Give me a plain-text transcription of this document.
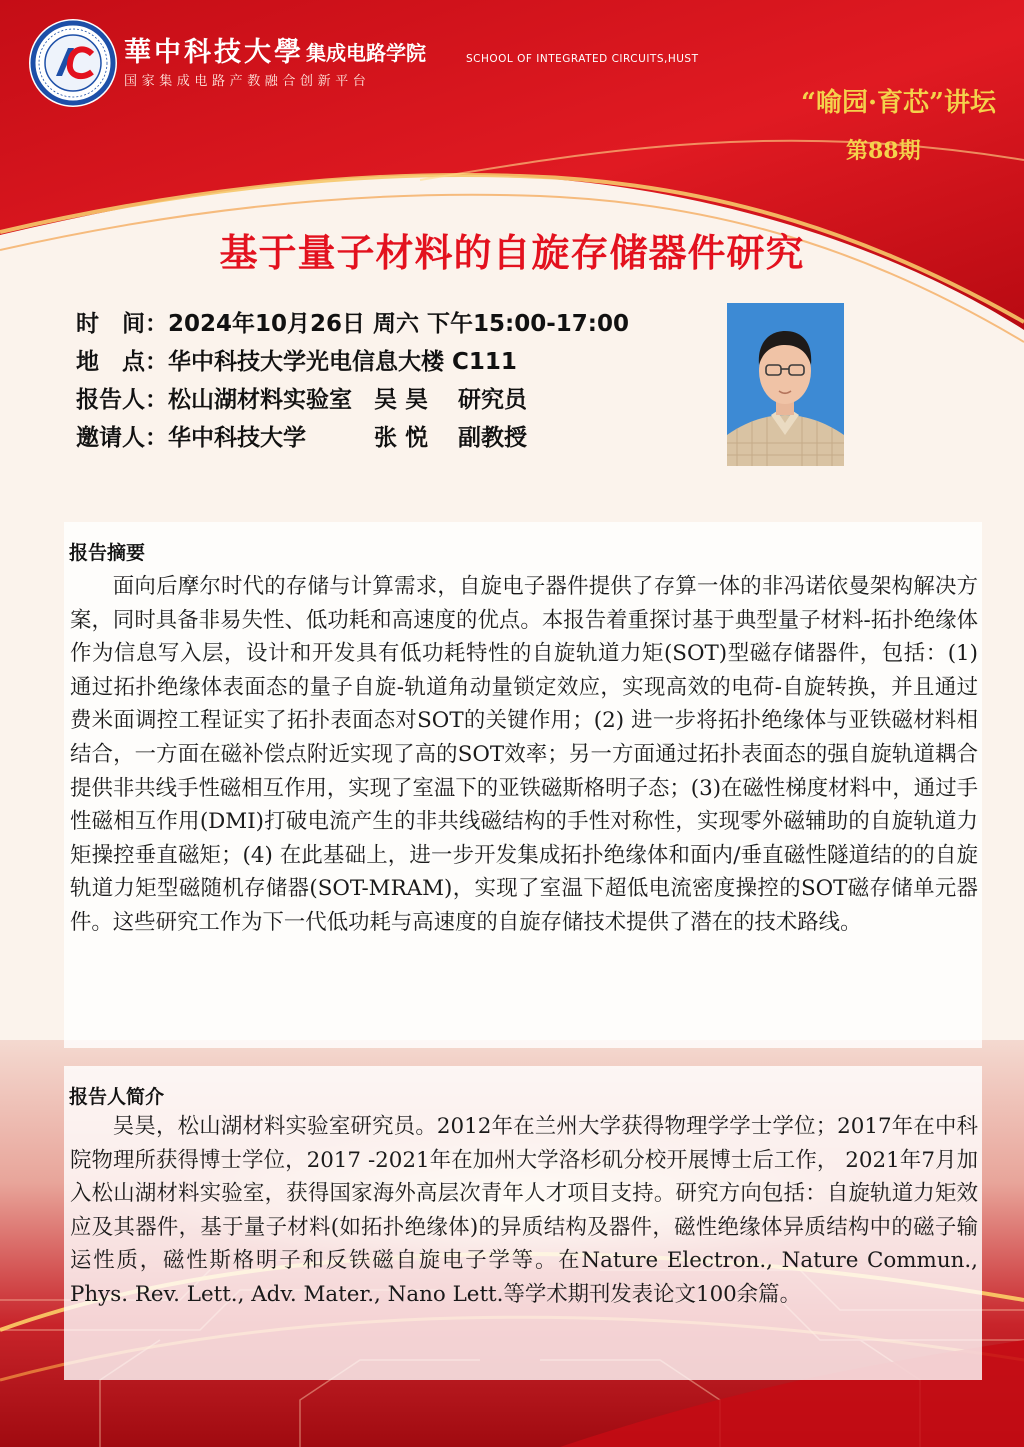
華中科技大學 集成电路学院	SCHOOL OF INTEGRATED CIRCUITS,HUST
国家集成电路产教融合创新平台
“喻园·育芯”讲坛
第88期
基于量子材料的自旋存储器件研究
时　间：2024年10月26日 周六 下午15:00-17:00
地　点：华中科技大学光电信息大楼 C111
报告人：松山湖材料实验室 吴 昊 研究员
邀请人：华中科技大学	张 悦 副教授
报告摘要

面向后摩尔时代的存储与计算需求，自旋电子器件提供了存算一体的非冯诺依曼架构解决方案，同时具备非易失性、低功耗和高速度的优点。本报告着重探讨基于典型量子材料-拓扑绝缘体作为信息写入层，设计和开发具有低功耗特性的自旋轨道力矩(SOT)型磁存储器件，包括：(1) 通过拓扑绝缘体表面态的量子自旋-轨道角动量锁定效应，实现高效的电荷-自旋转换，并且通过费米面调控工程证实了拓扑表面态对SOT的关键作用；(2) 进一步将拓扑绝缘体与亚铁磁材料相结合，一方面在磁补偿点附近实现了高的SOT效率；另一方面通过拓扑表面态的强自旋轨道耦合提供非共线手性磁相互作用，实现了室温下的亚铁磁斯格明子态；(3)在磁性梯度材料中，通过手性磁相互作用(DMI)打破电流产生的非共线磁结构的手性对称性，实现零外磁辅助的自旋轨道力矩操控垂直磁矩；(4) 在此基础上，进一步开发集成拓扑绝缘体和面内/垂直磁性隧道结的的自旋轨道力矩型磁随机存储器(SOT-MRAM)，实现了室温下超低电流密度操控的SOT磁存储单元器件。这些研究工作为下一代低功耗与高速度的自旋存储技术提供了潜在的技术路线。

报告人简介

吴昊，松山湖材料实验室研究员。2012年在兰州大学获得物理学学士学位；2017年在中科院物理所获得博士学位，2017 -2021年在加州大学洛杉矶分校开展博士后工作， 2021年7月加入松山湖材料实验室，获得国家海外高层次青年人才项目支持。研究方向包括：自旋轨道力矩效应及其器件，基于量子材料(如拓扑绝缘体)的异质结构及器件，磁性绝缘体异质结构中的磁子输运性质，磁性斯格明子和反铁磁自旋电子学等。在Nature Electron., Nature Commun., Phys. Rev. Lett., Adv. Mater., Nano Lett.等学术期刊发表论文100余篇。
